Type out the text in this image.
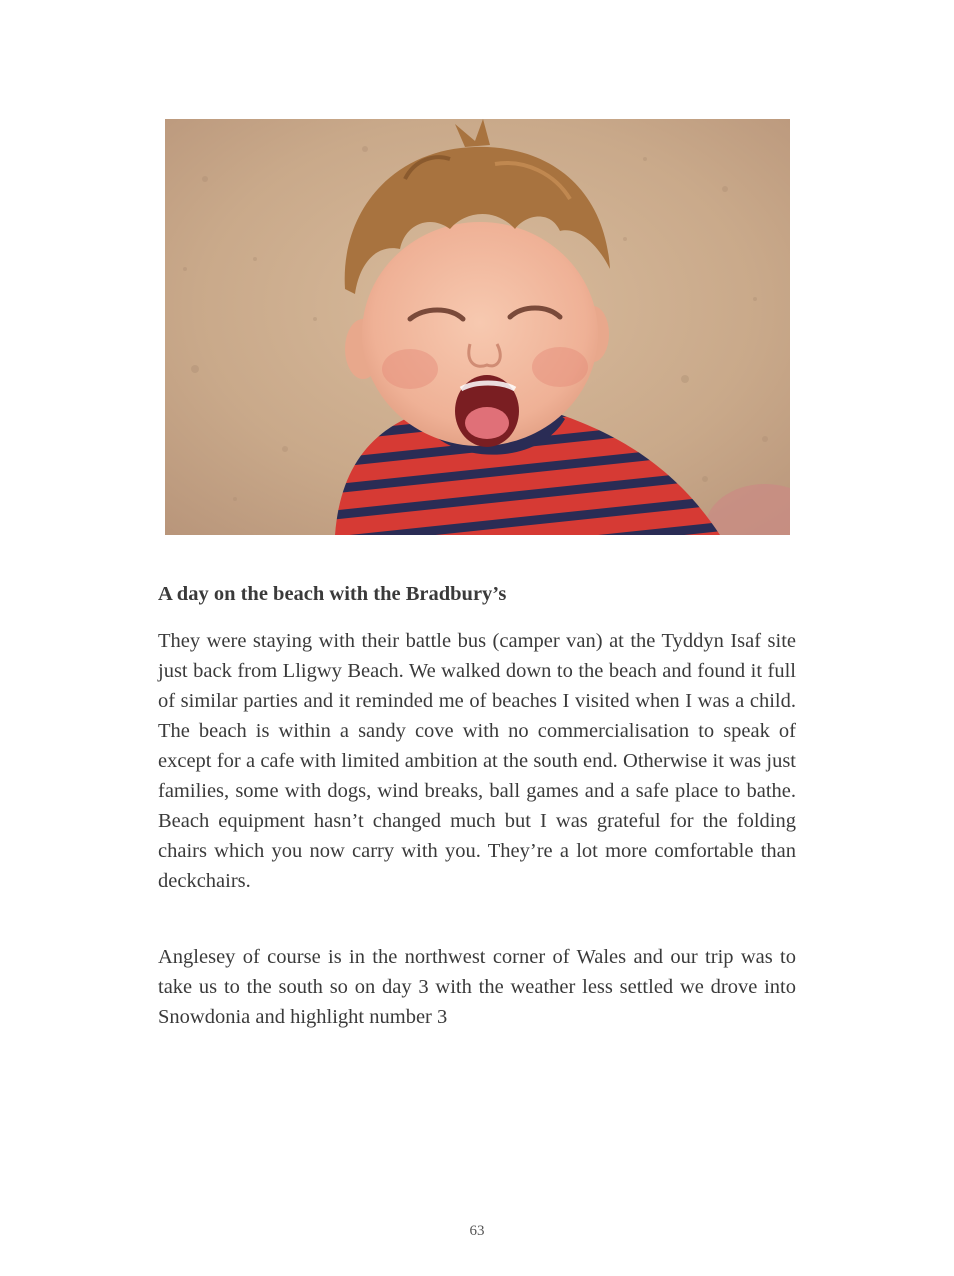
A day on the beach with the Bradbury’s

They were staying with their battle bus (camper van) at the Tyddyn Isaf site just back from Lligwy Beach. We walked down to the beach and found it full of similar parties and it reminded me of beaches I visited when I was a child. The beach is within a sandy cove with no commercialisation to speak of except for a cafe with limited ambition at the south end. Otherwise it was just families, some with dogs, wind breaks, ball games and a safe place to bathe. Beach equipment hasn’t changed much but I was grateful for the folding chairs which you now carry with you. They’re a lot more comfortable than deckchairs.

Anglesey of course is in the northwest corner of Wales and our trip was to take us to the south so on day 3 with the weather less settled we drove into Snowdonia and highlight number 3

63
